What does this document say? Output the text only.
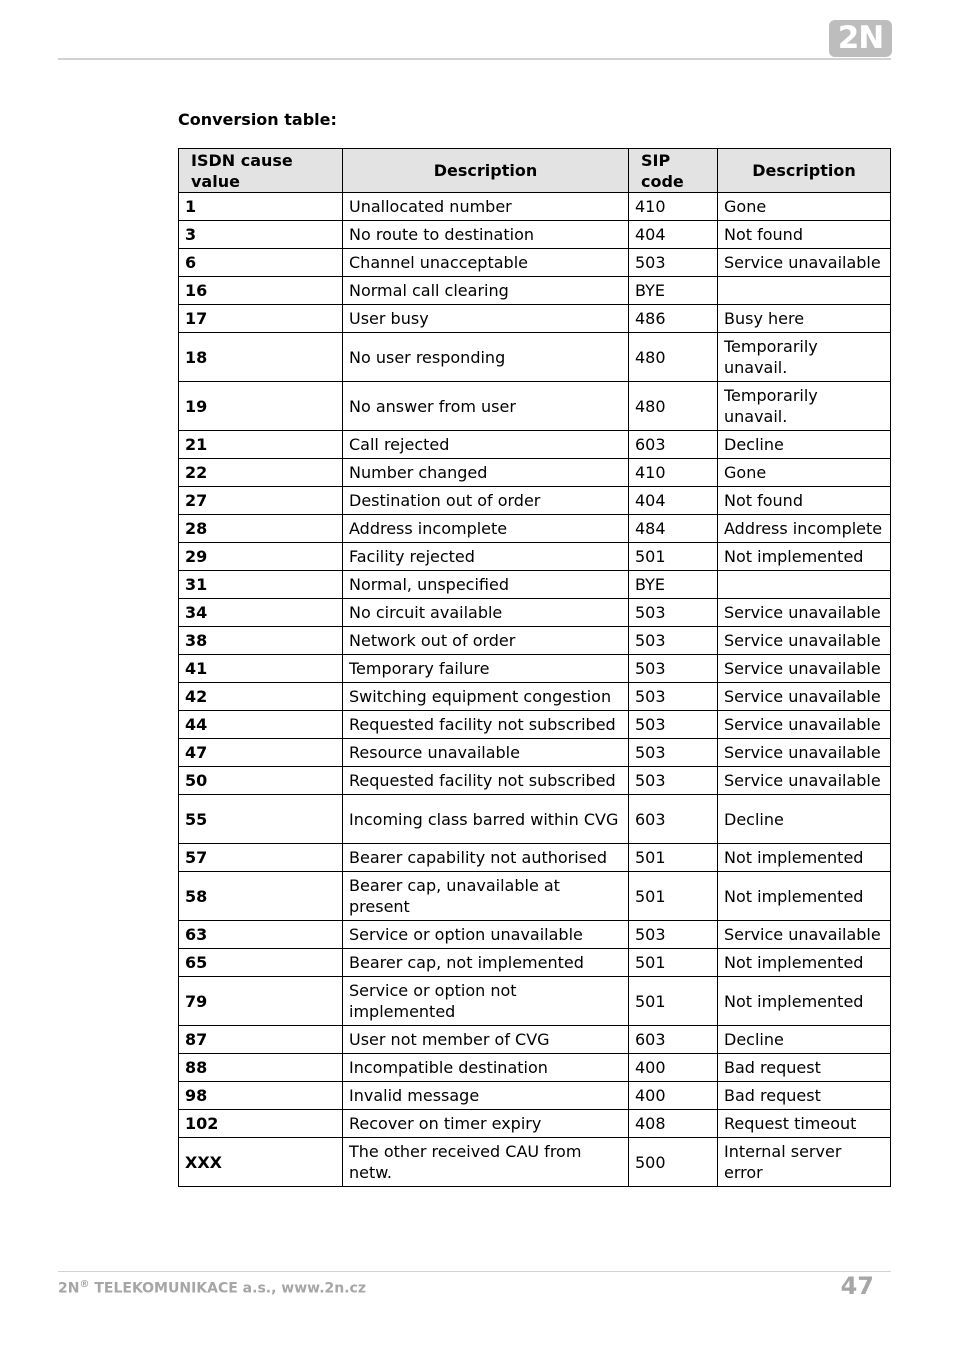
2N
Conversion table:
ISDN cause value	Description	SIP code	Description
1	Unallocated number	410	Gone
3	No route to destination	404	Not found
6	Channel unacceptable	503	Service unavailable
16	Normal call clearing	BYE	
17	User busy	486	Busy here
18	No user responding	480	Temporarily unavail.
19	No answer from user	480	Temporarily unavail.
21	Call rejected	603	Decline
22	Number changed	410	Gone
27	Destination out of order	404	Not found
28	Address incomplete	484	Address incomplete
29	Facility rejected	501	Not implemented
31	Normal, unspecified	BYE	
34	No circuit available	503	Service unavailable
38	Network out of order	503	Service unavailable
41	Temporary failure	503	Service unavailable
42	Switching equipment congestion	503	Service unavailable
44	Requested facility not subscribed	503	Service unavailable
47	Resource unavailable	503	Service unavailable
50	Requested facility not subscribed	503	Service unavailable
55	Incoming class barred within CVG	603	Decline
57	Bearer capability not authorised	501	Not implemented
58	Bearer cap, unavailable at present	501	Not implemented
63	Service or option unavailable	503	Service unavailable
65	Bearer cap, not implemented	501	Not implemented
79	Service or option not implemented	501	Not implemented
87	User not member of CVG	603	Decline
88	Incompatible destination	400	Bad request
98	Invalid message	400	Bad request
102	Recover on timer expiry	408	Request timeout
XXX	The other received CAU from netw.	500	Internal server error
2N® TELEKOMUNIKACE a.s., www.2n.cz	47
